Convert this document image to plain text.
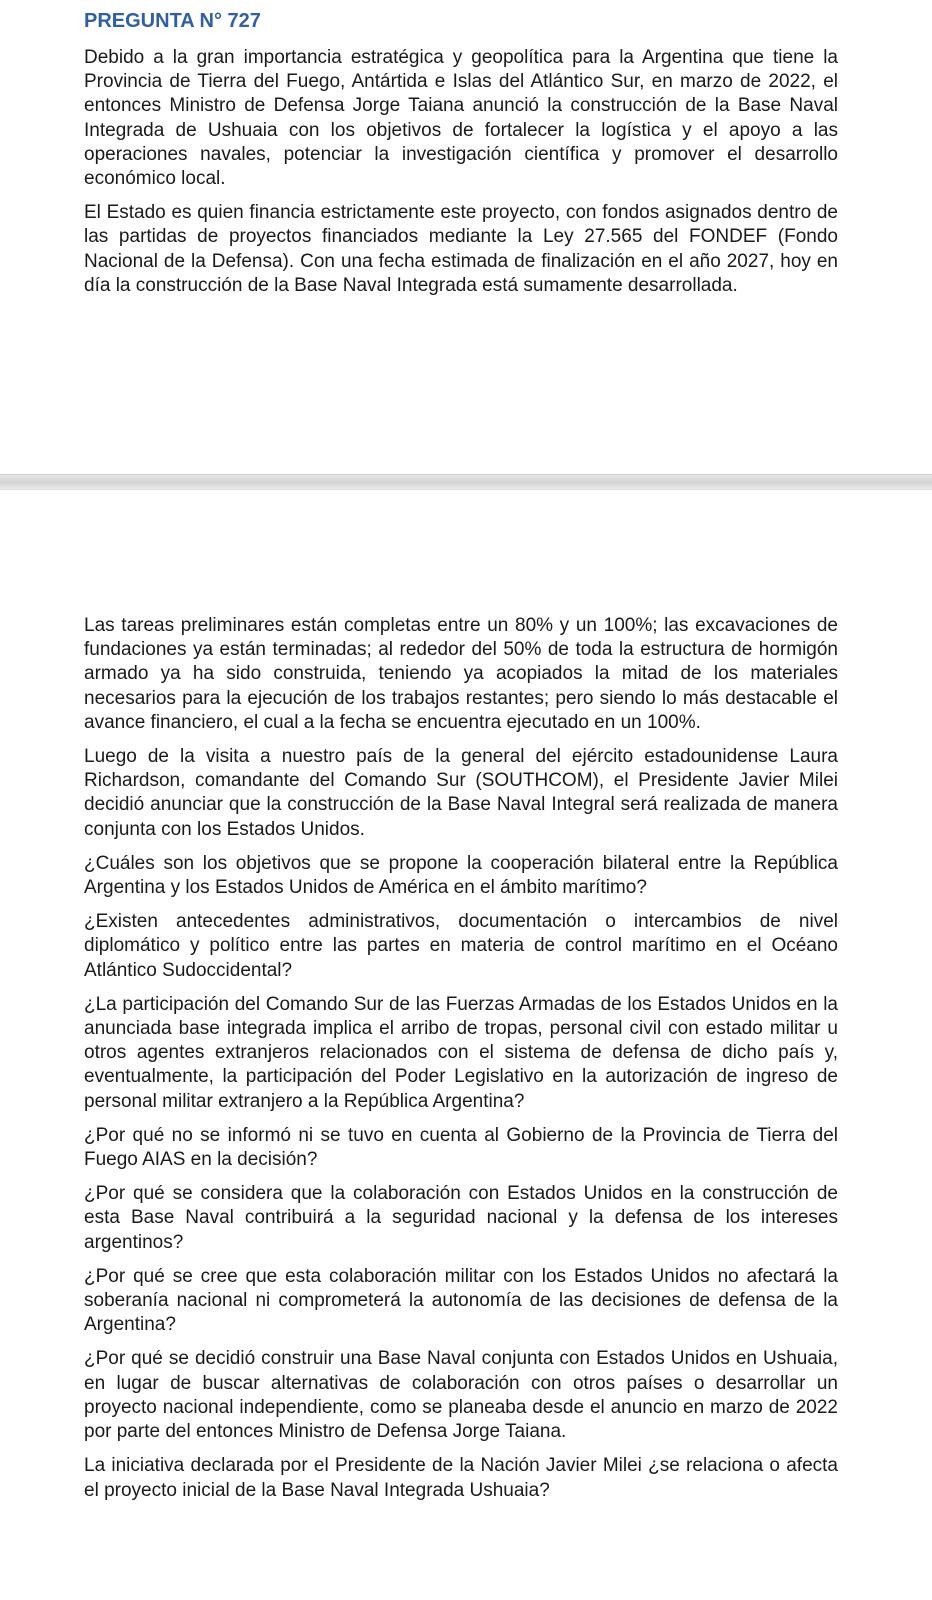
PREGUNTA N° 727

Debido a la gran importancia estratégica y geopolítica para la Argentina que tiene la Provincia de Tierra del Fuego, Antártida e Islas del Atlántico Sur, en marzo de 2022, el entonces Ministro de Defensa Jorge Taiana anunció la construcción de la Base Naval Integrada de Ushuaia con los objetivos de fortalecer la logística y el apoyo a las operaciones navales, potenciar la investigación científica y promover el desarrollo económico local.

El Estado es quien financia estrictamente este proyecto, con fondos asignados dentro de las partidas de proyectos financiados mediante la Ley 27.565 del FONDEF (Fondo Nacional de la Defensa). Con una fecha estimada de finalización en el año 2027, hoy en día la construcción de la Base Naval Integrada está sumamente desarrollada.

Las tareas preliminares están completas entre un 80% y un 100%; las excavaciones de fundaciones ya están terminadas; al rededor del 50% de toda la estructura de hormigón armado ya ha sido construida, teniendo ya acopiados la mitad de los materiales necesarios para la ejecución de los trabajos restantes; pero siendo lo más destacable el avance financiero, el cual a la fecha se encuentra ejecutado en un 100%.

Luego de la visita a nuestro país de la general del ejército estadounidense Laura Richardson, comandante del Comando Sur (SOUTHCOM), el Presidente Javier Milei decidió anunciar que la construcción de la Base Naval Integral será realizada de manera conjunta con los Estados Unidos.

¿Cuáles son los objetivos que se propone la cooperación bilateral entre la República Argentina y los Estados Unidos de América en el ámbito marítimo?

¿Existen antecedentes administrativos, documentación o intercambios de nivel diplomático y político entre las partes en materia de control marítimo en el Océano Atlántico Sudoccidental?

¿La participación del Comando Sur de las Fuerzas Armadas de los Estados Unidos en la anunciada base integrada implica el arribo de tropas, personal civil con estado militar u otros agentes extranjeros relacionados con el sistema de defensa de dicho país y, eventualmente, la participación del Poder Legislativo en la autorización de ingreso de personal militar extranjero a la República Argentina?

¿Por qué no se informó ni se tuvo en cuenta al Gobierno de la Provincia de Tierra del Fuego AIAS en la decisión?

¿Por qué se considera que la colaboración con Estados Unidos en la construcción de esta Base Naval contribuirá a la seguridad nacional y la defensa de los intereses argentinos?

¿Por qué se cree que esta colaboración militar con los Estados Unidos no afectará la soberanía nacional ni comprometerá la autonomía de las decisiones de defensa de la Argentina?

¿Por qué se decidió construir una Base Naval conjunta con Estados Unidos en Ushuaia, en lugar de buscar alternativas de colaboración con otros países o desarrollar un proyecto nacional independiente, como se planeaba desde el anuncio en marzo de 2022 por parte del entonces Ministro de Defensa Jorge Taiana.

La iniciativa declarada por el Presidente de la Nación Javier Milei ¿se relaciona o afecta el proyecto inicial de la Base Naval Integrada Ushuaia?
